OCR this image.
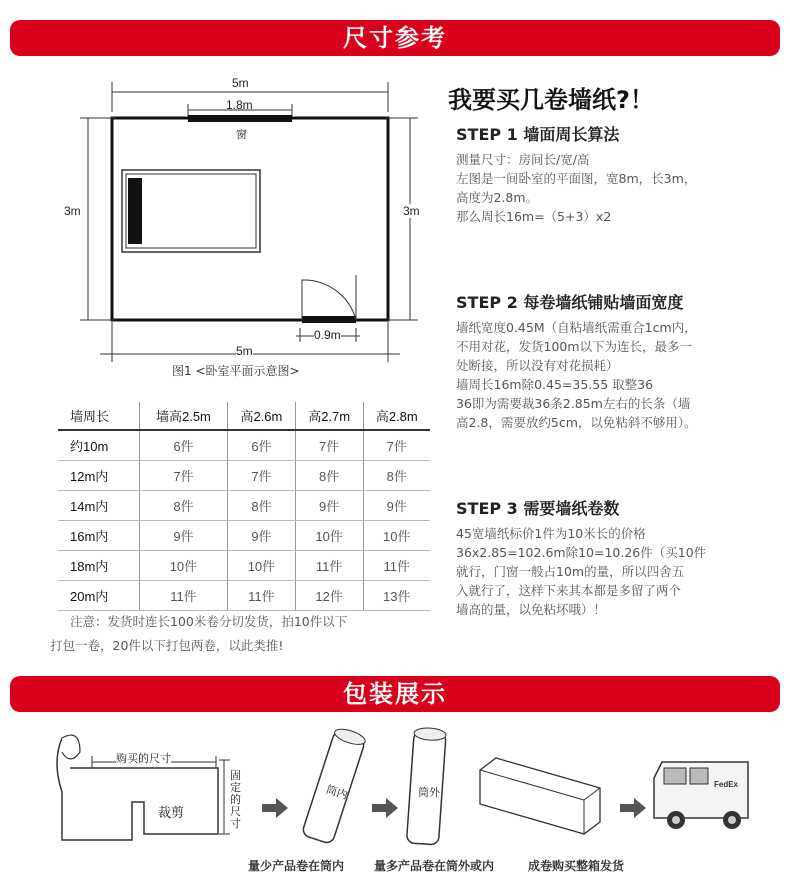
尺寸参考
5m
1.8m
窗
3m	3m
0.9m
5m
图1 <卧室平面示意图>
墙周长	墙高2.5m	高2.6m	高2.7m	高2.8m
约10m	6件	6件	7件	7件
12m内	7件	7件	8件	8件
14m内	8件	8件	9件	9件
16m内	9件	9件	10件	10件
18m内	10件	10件	11件	11件
20m内	11件	11件	12件	13件
注意：发货时连长100米卷分切发货，拍10件以下
打包一卷，20件以下打包两卷，以此类推!
我要买几卷墙纸?！
STEP 1 墙面周长算法
测量尺寸：房间长/宽/高
左图是一间卧室的平面图，宽8m，长3m，
高度为2.8m。
那么周长16m=（5+3）x2
STEP 2 每卷墙纸铺贴墙面宽度
墙纸宽度0.45M（自粘墙纸需重合1cm内，
不用对花，发货100m以下为连长，最多一
处断接，所以没有对花损耗）
墙周长16m除0.45=35.55 取整36
36即为需要裁36条2.85m左右的长条（墙
高2.8，需要放约5cm，以免粘斜不够用）。
STEP 3 需要墙纸卷数
45宽墙纸标价1件为10米长的价格
36x2.85=102.6m除10=10.26件（买10件
就行，门窗一般占10m的量，所以四舍五
入就行了，这样下来其本都是多留了两个
墙高的量，以免粘坏哦）！
包装展示
购买的尺寸
固定的尺寸
裁剪
筒内	筒外
FedEx
量少产品卷在筒内 量多产品卷在筒外或内	成卷购买整箱发货
